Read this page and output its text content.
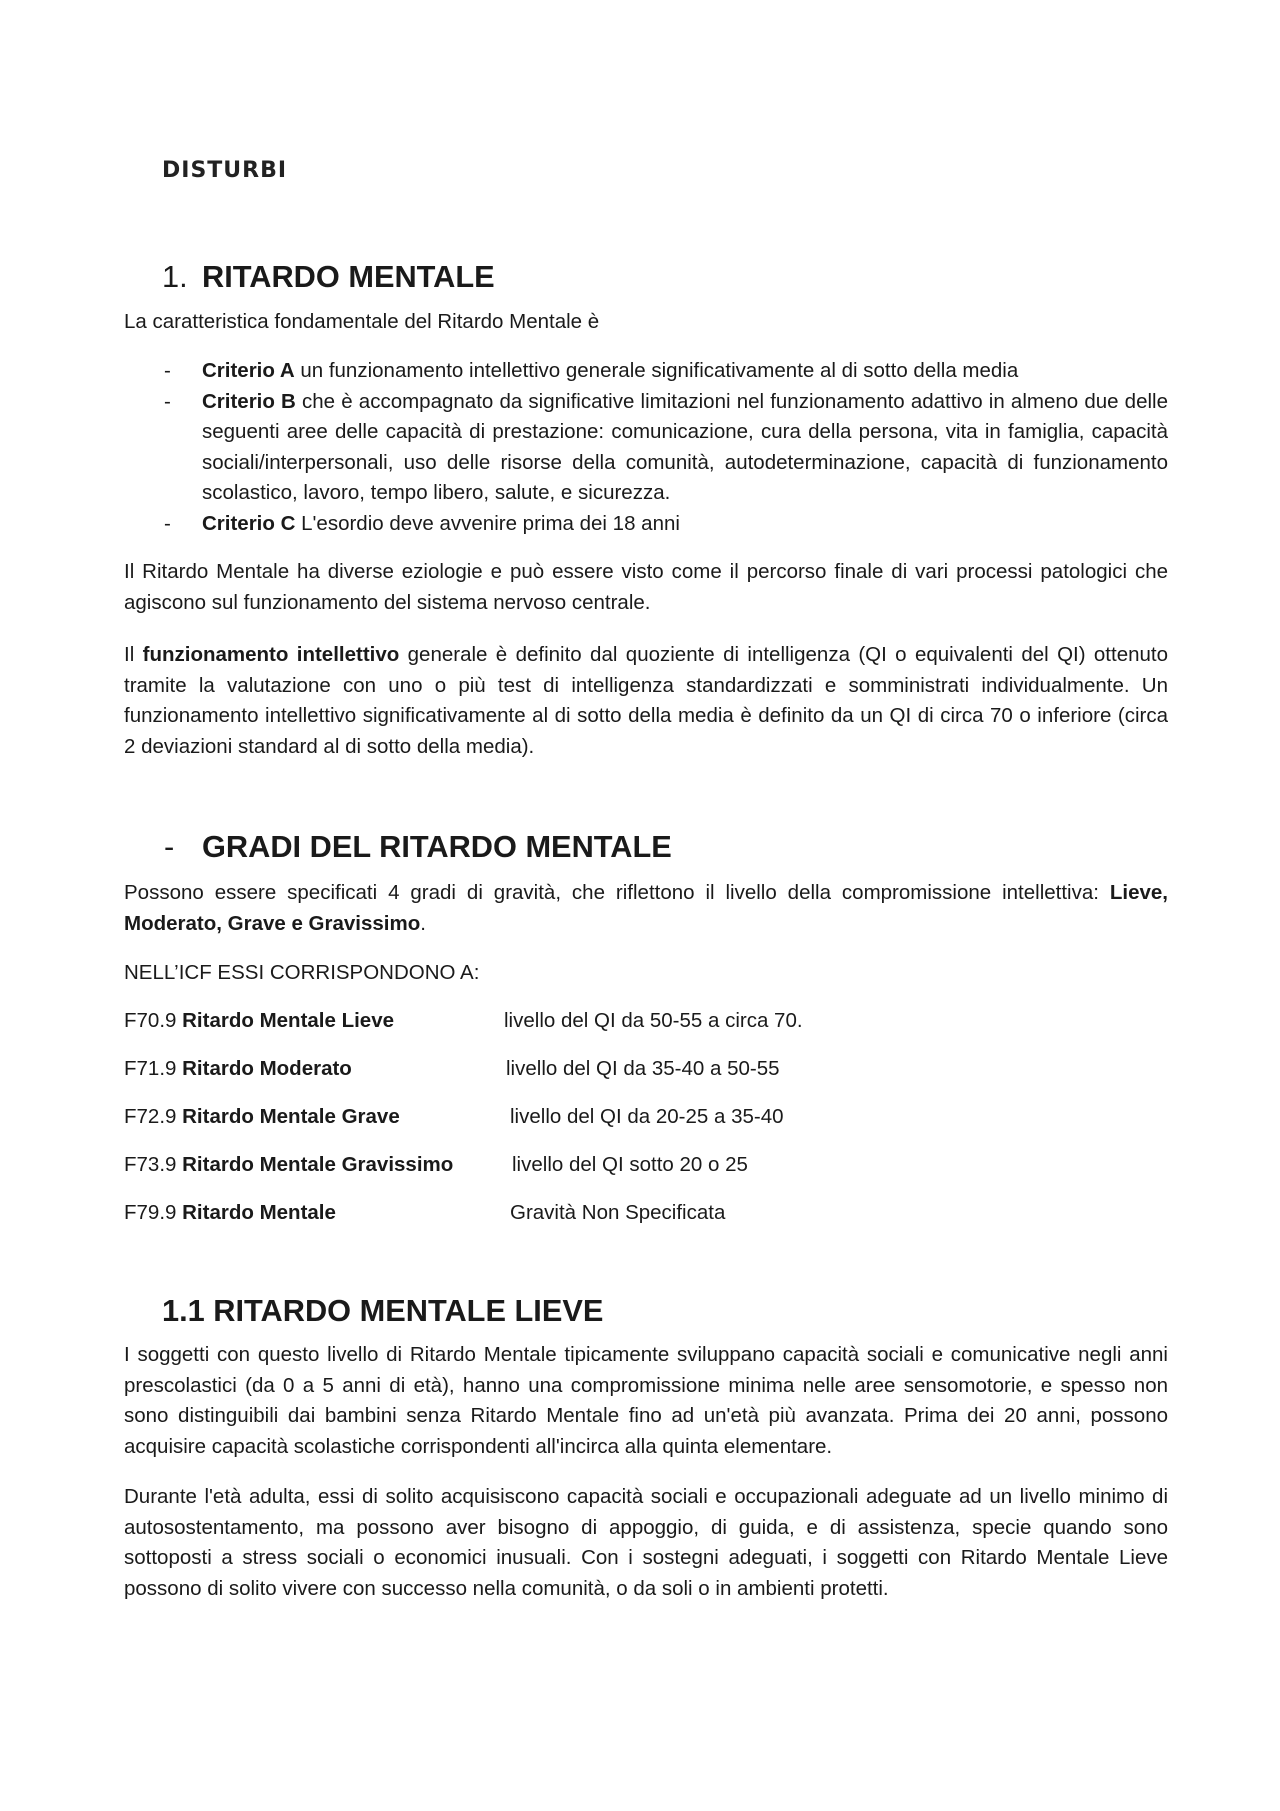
DISTURBI
1. RITARDO MENTALE

La caratteristica fondamentale del Ritardo Mentale è

- Criterio A un funzionamento intellettivo generale significativamente al di sotto della media
- Criterio B che è accompagnato da significative limitazioni nel funzionamento adattivo in almeno due delle seguenti aree delle capacità di prestazione: comunicazione, cura della persona, vita in famiglia, capacità sociali/interpersonali, uso delle risorse della comunità, autodeterminazione, capacità di funzionamento scolastico, lavoro, tempo libero, salute, e sicurezza.
- Criterio C L'esordio deve avvenire prima dei 18 anni

Il Ritardo Mentale ha diverse eziologie e può essere visto come il percorso finale di vari processi patologici che agiscono sul funzionamento del sistema nervoso centrale.

Il funzionamento intellettivo generale è definito dal quoziente di intelligenza (QI o equivalenti del QI) ottenuto tramite la valutazione con uno o più test di intelligenza standardizzati e somministrati individualmente. Un funzionamento intellettivo significativamente al di sotto della media è definito da un QI di circa 70 o inferiore (circa 2 deviazioni standard al di sotto della media).

- GRADI DEL RITARDO MENTALE

Possono essere specificati 4 gradi di gravità, che riflettono il livello della compromissione intellettiva: Lieve, Moderato, Grave e Gravissimo.

NELL’ICF ESSI CORRISPONDONO A:

F70.9 Ritardo Mentale Lieve	livello del QI da 50-55 a circa 70.
F71.9 Ritardo Moderato	livello del QI da 35-40 a 50-55
F72.9 Ritardo Mentale Grave	livello del QI da 20-25 a 35-40
F73.9 Ritardo Mentale Gravissimo	livello del QI sotto 20 o 25
F79.9 Ritardo Mentale	Gravità Non Specificata
1.1 RITARDO MENTALE LIEVE

I soggetti con questo livello di Ritardo Mentale tipicamente sviluppano capacità sociali e comunicative negli anni prescolastici (da 0 a 5 anni di età), hanno una compromissione minima nelle aree sensomotorie, e spesso non sono distinguibili dai bambini senza Ritardo Mentale fino ad un'età più avanzata. Prima dei 20 anni, possono acquisire capacità scolastiche corrispondenti all'incirca alla quinta elementare.

Durante l'età adulta, essi di solito acquisiscono capacità sociali e occupazionali adeguate ad un livello minimo di autosostentamento, ma possono aver bisogno di appoggio, di guida, e di assistenza, specie quando sono sottoposti a stress sociali o economici inusuali. Con i sostegni adeguati, i soggetti con Ritardo Mentale Lieve possono di solito vivere con successo nella comunità, o da soli o in ambienti protetti.
